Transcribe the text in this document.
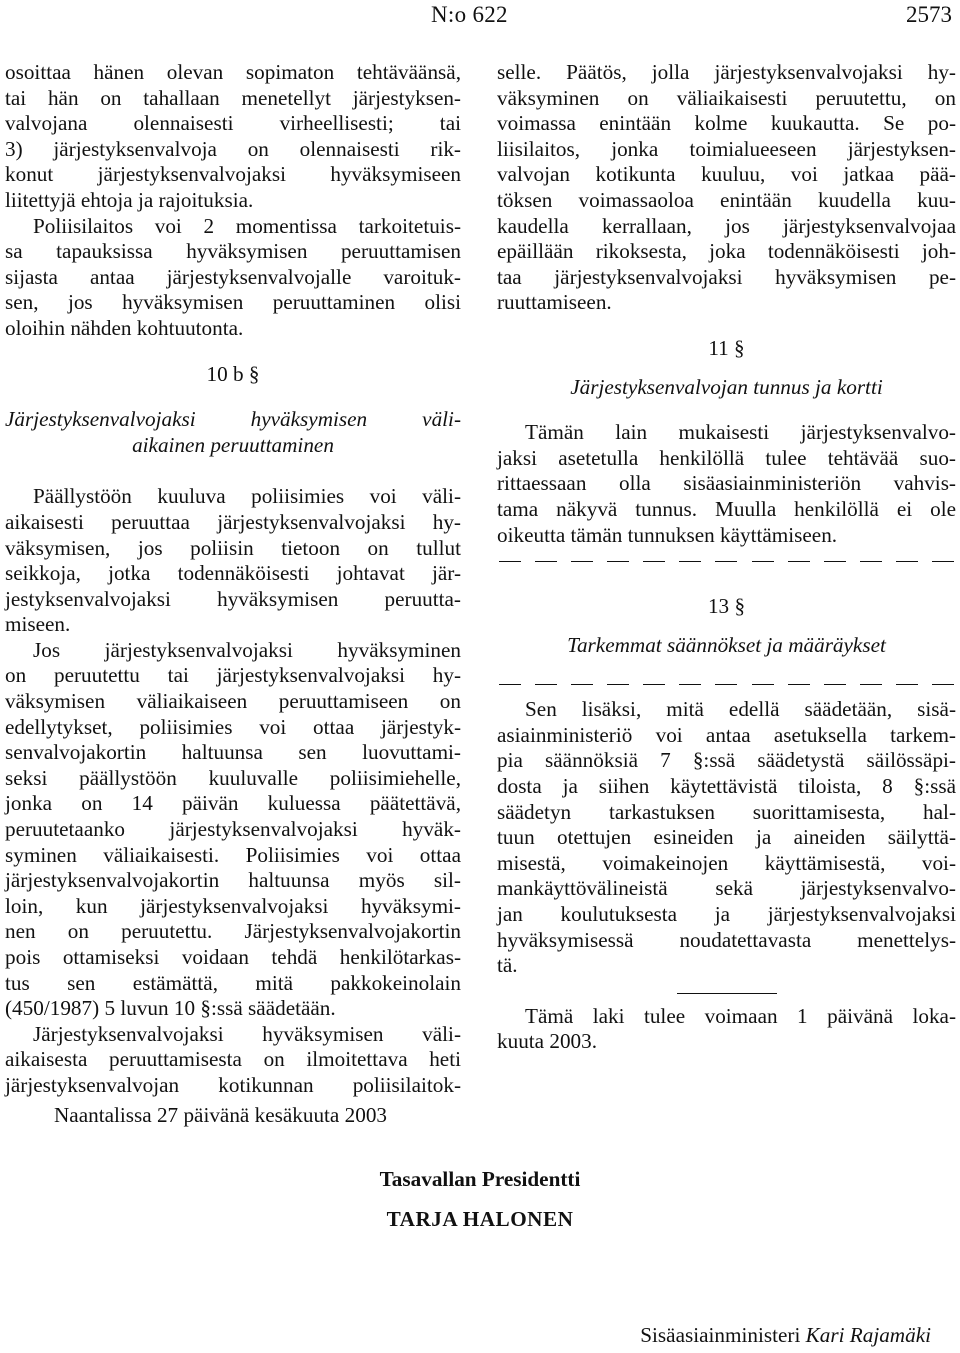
N:o 622	2573
osoittaa hänen olevan sopimaton tehtäväänsä,
tai hän on tahallaan menetellyt järjestyksen-
valvojana olennaisesti virheellisesti; tai
3) järjestyksenvalvoja on olennaisesti rik-
konut järjestyksenvalvojaksi hyväksymiseen
liitettyjä ehtoja ja rajoituksia.
Poliisilaitos voi 2 momentissa tarkoitetuis-
sa tapauksissa hyväksymisen peruuttamisen
sijasta antaa järjestyksenvalvojalle varoituk-
sen, jos hyväksymisen peruuttaminen olisi
oloihin nähden kohtuutonta.
10 b §
Järjestyksenvalvojaksi hyväksymisen väli-
aikainen peruuttaminen
Päällystöön kuuluva poliisimies voi väli-
aikaisesti peruuttaa järjestyksenvalvojaksi hy-
väksymisen, jos poliisin tietoon on tullut
seikkoja, jotka todennäköisesti johtavat jär-
jestyksenvalvojaksi hyväksymisen peruutta-
miseen.
Jos järjestyksenvalvojaksi hyväksyminen
on peruutettu tai järjestyksenvalvojaksi hy-
väksymisen väliaikaiseen peruuttamiseen on
edellytykset, poliisimies voi ottaa järjestyk-
senvalvojakortin haltuunsa sen luovuttami-
seksi päällystöön kuuluvalle poliisimiehelle,
jonka on 14 päivän kuluessa päätettävä,
peruutetaanko järjestyksenvalvojaksi hyväk-
syminen väliaikaisesti. Poliisimies voi ottaa
järjestyksenvalvojakortin haltuunsa myös sil-
loin, kun järjestyksenvalvojaksi hyväksymi-
nen on peruutettu. Järjestyksenvalvojakortin
pois ottamiseksi voidaan tehdä henkilötarkas-
tus sen estämättä, mitä pakkokeinolain
(450/1987) 5 luvun 10 §:ssä säädetään.
Järjestyksenvalvojaksi hyväksymisen väli-
aikaisesta peruuttamisesta on ilmoitettava heti
järjestyksenvalvojan kotikunnan poliisilaitok-
selle. Päätös, jolla järjestyksenvalvojaksi hy-
väksyminen on väliaikaisesti peruutettu, on
voimassa enintään kolme kuukautta. Se po-
liisilaitos, jonka toimialueeseen järjestyksen-
valvojan kotikunta kuuluu, voi jatkaa pää-
töksen voimassaoloa enintään kuudella kuu-
kaudella kerrallaan, jos järjestyksenvalvojaa
epäillään rikoksesta, joka todennäköisesti joh-
taa järjestyksenvalvojaksi hyväksymisen pe-
ruuttamiseen.
11 §
Järjestyksenvalvojan tunnus ja kortti
Tämän lain mukaisesti järjestyksenvalvo-
jaksi asetetulla henkilöllä tulee tehtävää suo-
rittaessaan olla sisäasiainministeriön vahvis-
tama näkyvä tunnus. Muulla henkilöllä ei ole
oikeutta tämän tunnuksen käyttämiseen.
13 §
Tarkemmat säännökset ja määräykset
Sen lisäksi, mitä edellä säädetään, sisä-
asiainministeriö voi antaa asetuksella tarkem-
pia säännöksiä 7 §:ssä säädetystä säilössäpi-
dosta ja siihen käytettävistä tiloista, 8 §:ssä
säädetyn tarkastuksen suorittamisesta, hal-
tuun otettujen esineiden ja aineiden säilyttä-
misestä, voimakeinojen käyttämisestä, voi-
mankäyttövälineistä sekä järjestyksenvalvo-
jan koulutuksesta ja järjestyksenvalvojaksi
hyväksymisessä noudatettavasta menettelys-
tä.
Tämä laki tulee voimaan 1 päivänä loka-
kuuta 2003.
Naantalissa 27 päivänä kesäkuuta 2003
Tasavallan Presidentti
TARJA HALONEN
Sisäasiainministeri Kari Rajamäki
